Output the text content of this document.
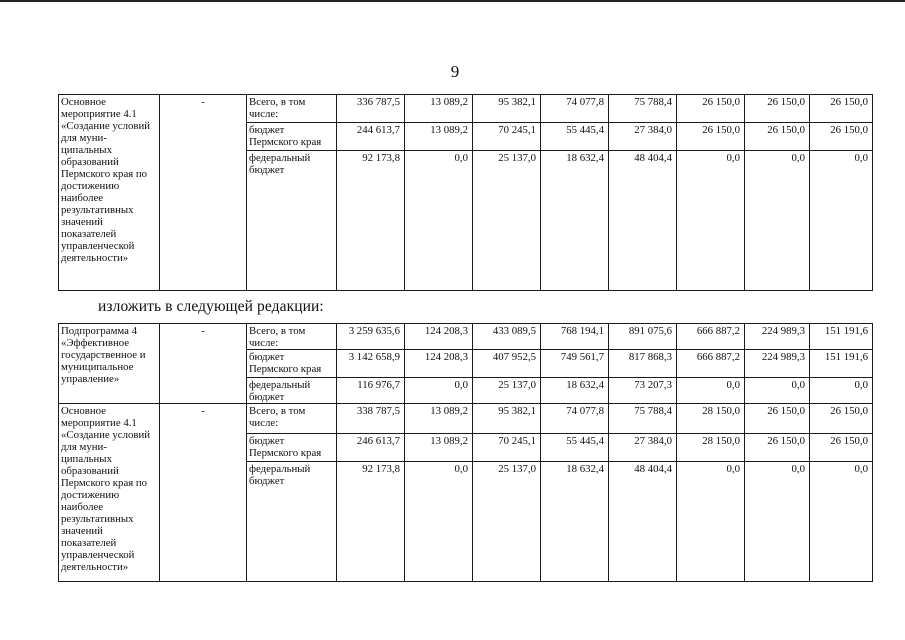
9
Основное мероприятие 4.1 «Создание условий для муни-ципальных образований Пермского края по достижению наиболее результативных значений показателей управленческой деятельности»	-	Всего, в том числе:	336 787,5	13 089,2	95 382,1	74 077,8	75 788,4	26 150,0	26 150,0	26 150,0
		бюджет Пермского края	244 613,7	13 089,2	70 245,1	55 445,4	27 384,0	26 150,0	26 150,0	26 150,0
		федеральный бюджет	92 173,8	0,0	25 137,0	18 632,4	48 404,4	0,0	0,0	0,0
изложить в следующей редакции:
Подпрограмма 4 «Эффективное государственное и муниципальное управление»	-	Всего, в том числе:	3 259 635,6	124 208,3	433 089,5	768 194,1	891 075,6	666 887,2	224 989,3	151 191,6
		бюджет Пермского края	3 142 658,9	124 208,3	407 952,5	749 561,7	817 868,3	666 887,2	224 989,3	151 191,6
		федеральный бюджет	116 976,7	0,0	25 137,0	18 632,4	73 207,3	0,0	0,0	0,0
Основное мероприятие 4.1 «Создание условий для муни-ципальных образований Пермского края по достижению наиболее результативных значений показателей управленческой деятельности»	-	Всего, в том числе:	338 787,5	13 089,2	95 382,1	74 077,8	75 788,4	28 150,0	26 150,0	26 150,0
		бюджет Пермского края	246 613,7	13 089,2	70 245,1	55 445,4	27 384,0	28 150,0	26 150,0	26 150,0
		федеральный бюджет	92 173,8	0,0	25 137,0	18 632,4	48 404,4	0,0	0,0	0,0
